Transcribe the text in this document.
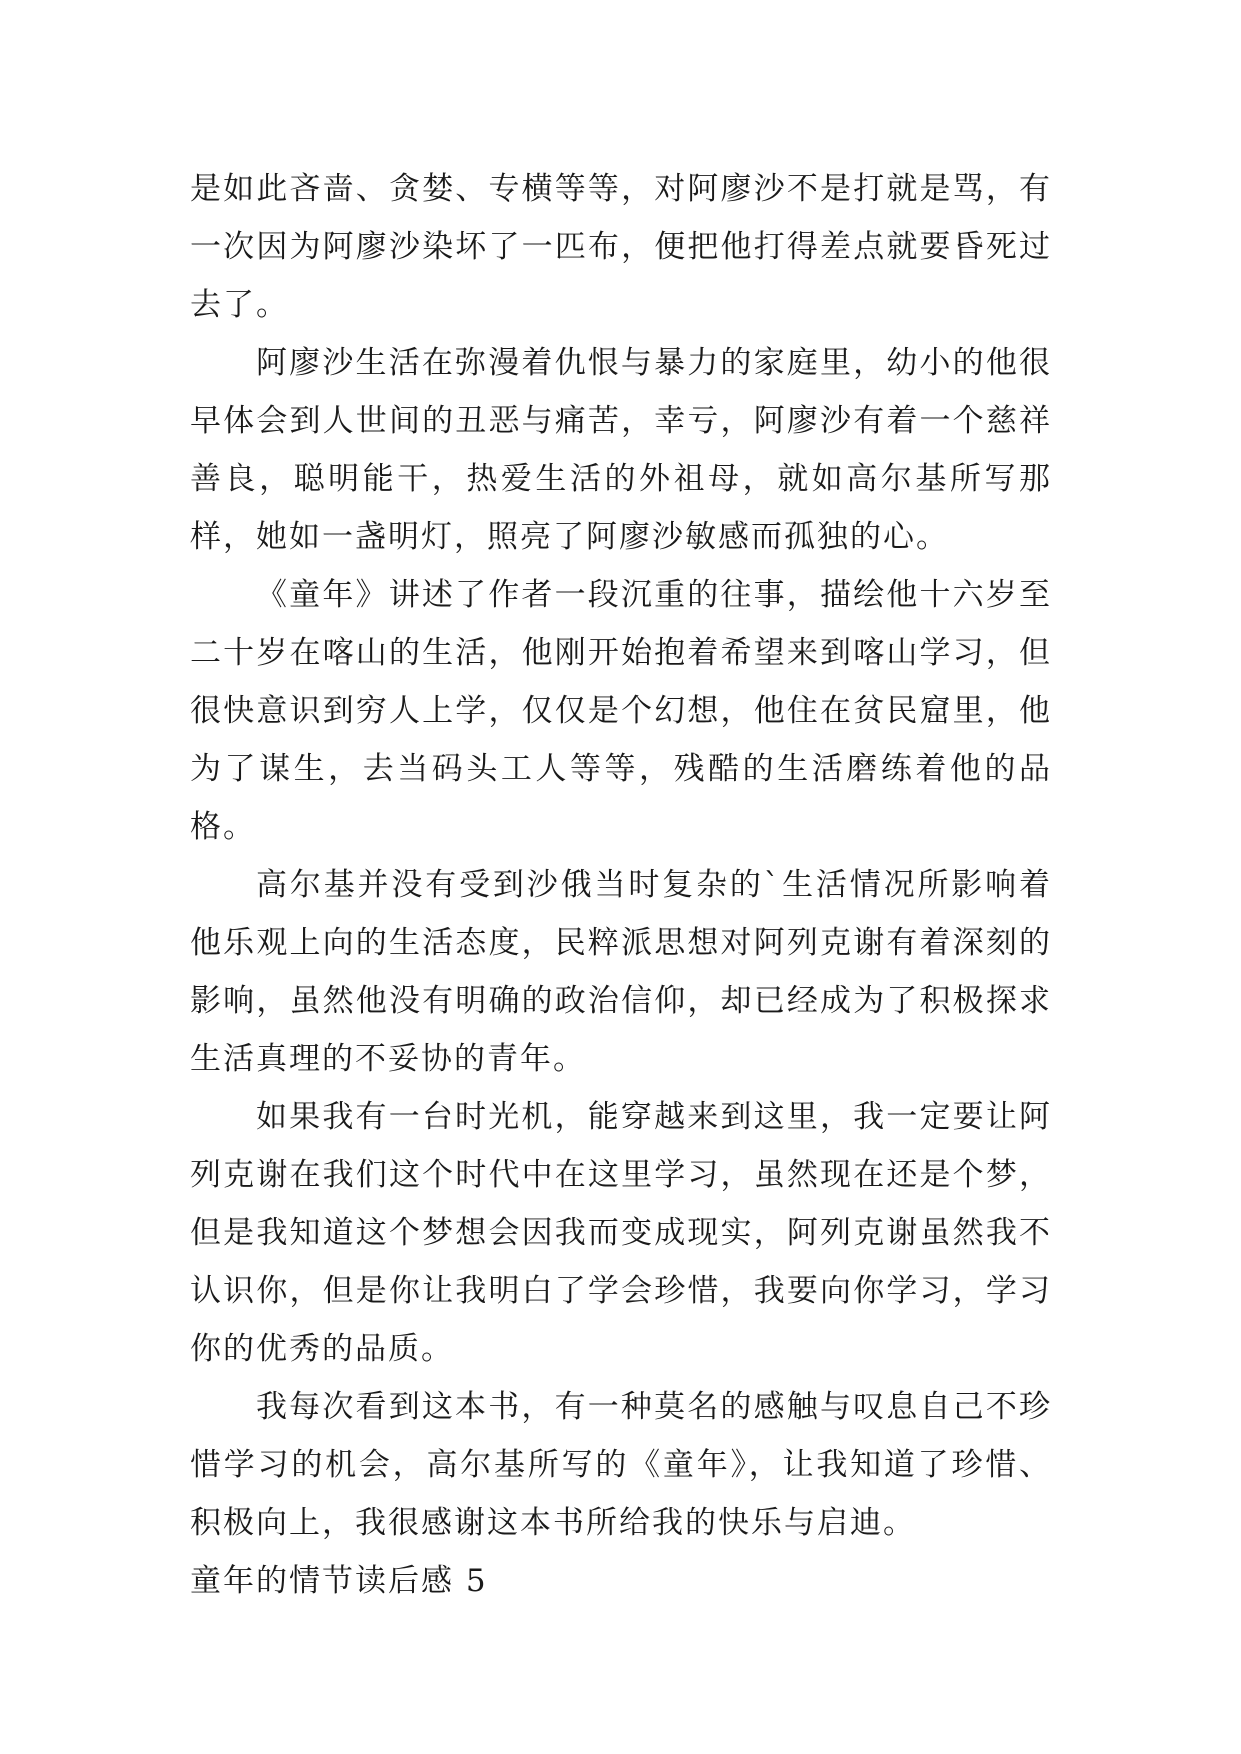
是如此吝啬、贪婪、专横等等，对阿廖沙不是打就是骂，有一次因为阿廖沙染坏了一匹布，便把他打得差点就要昏死过去了。

阿廖沙生活在弥漫着仇恨与暴力的家庭里，幼小的他很早体会到人世间的丑恶与痛苦，幸亏，阿廖沙有着一个慈祥善良，聪明能干，热爱生活的外祖母，就如高尔基所写那样，她如一盏明灯，照亮了阿廖沙敏感而孤独的心。

《童年》讲述了作者一段沉重的往事，描绘他十六岁至二十岁在喀山的生活，他刚开始抱着希望来到喀山学习，但很快意识到穷人上学，仅仅是个幻想，他住在贫民窟里，他为了谋生，去当码头工人等等，残酷的生活磨练着他的品格。

高尔基并没有受到沙俄当时复杂的`生活情况所影响着他乐观上向的生活态度，民粹派思想对阿列克谢有着深刻的影响，虽然他没有明确的政治信仰，却已经成为了积极探求生活真理的不妥协的青年。

如果我有一台时光机，能穿越来到这里，我一定要让阿列克谢在我们这个时代中在这里学习，虽然现在还是个梦，但是我知道这个梦想会因我而变成现实，阿列克谢虽然我不认识你，但是你让我明白了学会珍惜，我要向你学习，学习你的优秀的品质。

我每次看到这本书，有一种莫名的感触与叹息自己不珍惜学习的机会，高尔基所写的《童年》，让我知道了珍惜、积极向上，我很感谢这本书所给我的快乐与启迪。

童年的情节读后感 5
